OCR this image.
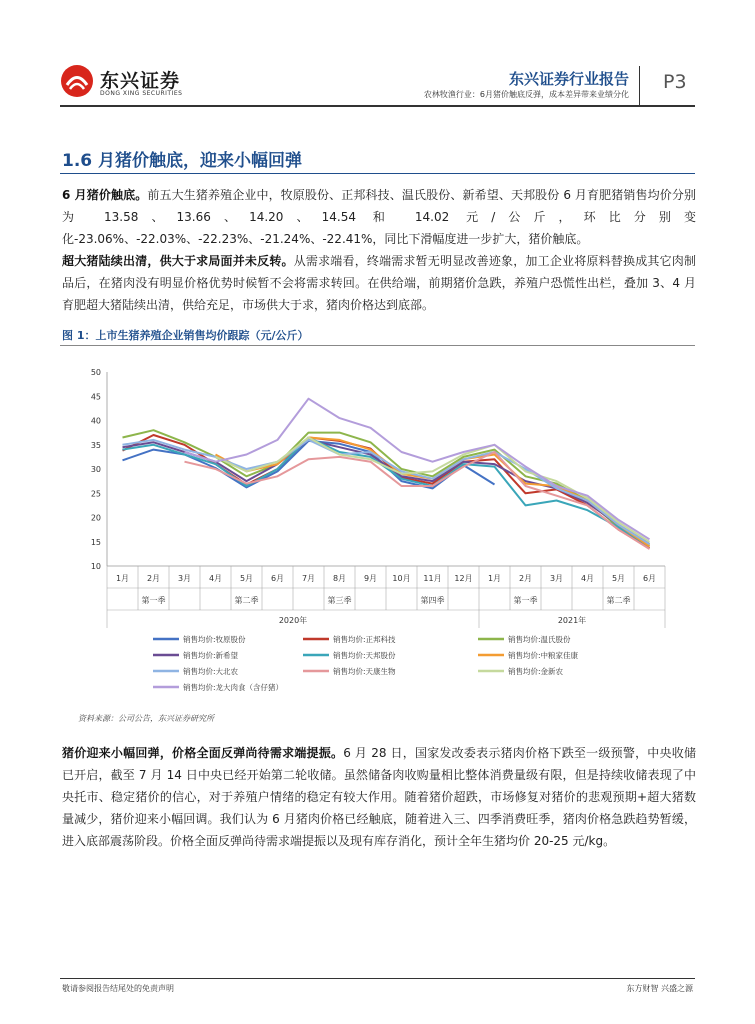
东兴证券
DONG XING SECURITIES
东兴证券行业报告
农林牧渔行业：6月猪价触底反弹，成本差异带来业绩分化
P3
1.6 月猪价触底，迎来小幅回弹
6 月猪价触底。前五大生猪养殖企业中，牧原股份、正邦科技、温氏股份、新希望、天邦股份 6 月育肥猪销售均价分别为 13.58、13.66、14.20、14.54 和 14.02 元/公斤，环比分别变化-23.06%、-22.03%、-22.23%、-21.24%、-22.41%，同比下滑幅度进一步扩大，猪价触底。
超大猪陆续出清，供大于求局面并未反转。从需求端看，终端需求暂无明显改善迹象，加工企业将原料替换成其它肉制品后，在猪肉没有明显价格优势时候暂不会将需求转回。在供给端，前期猪价急跌，养殖户恐慌性出栏，叠加 3、4 月育肥超大猪陆续出清，供给充足，市场供大于求，猪肉价格达到底部。
图 1：上市生猪养殖企业销售均价跟踪（元/公斤）
10
15
20
25
30
35
40
45
50
1月 2月 3月 4月 5月 6月 7月 8月 9月 10月 11月 12月 1月 2月 3月 4月 5月 6月
第一季	第二季	第三季	第四季	第一季	第二季
2020年	2021年
销售均价:牧原股份	销售均价:正邦科技	销售均价:温氏股份
销售均价:新希望	销售均价:天邦股份	销售均价:中粮家佳康
销售均价:大北农	销售均价:天康生物	销售均价:金新农
销售均价:龙大肉食（含仔猪）
资料来源：公司公告，东兴证券研究所
猪价迎来小幅回弹，价格全面反弹尚待需求端提振。6 月 28 日，国家发改委表示猪肉价格下跌至一级预警，中央收储已开启，截至 7 月 14 日中央已经开始第二轮收储。虽然储备肉收购量相比整体消费量级有限，但是持续收储表现了中央托市、稳定猪价的信心，对于养殖户情绪的稳定有较大作用。随着猪价超跌，市场修复对猪价的悲观预期+超大猪数量减少，猪价迎来小幅回调。我们认为 6 月猪肉价格已经触底，随着进入三、四季消费旺季，猪肉价格急跌趋势暂缓，进入底部震荡阶段。价格全面反弹尚待需求端提振以及现有库存消化，预计全年生猪均价 20-25 元/kg。
敬请参阅报告结尾处的免责声明	东方财智 兴盛之源
